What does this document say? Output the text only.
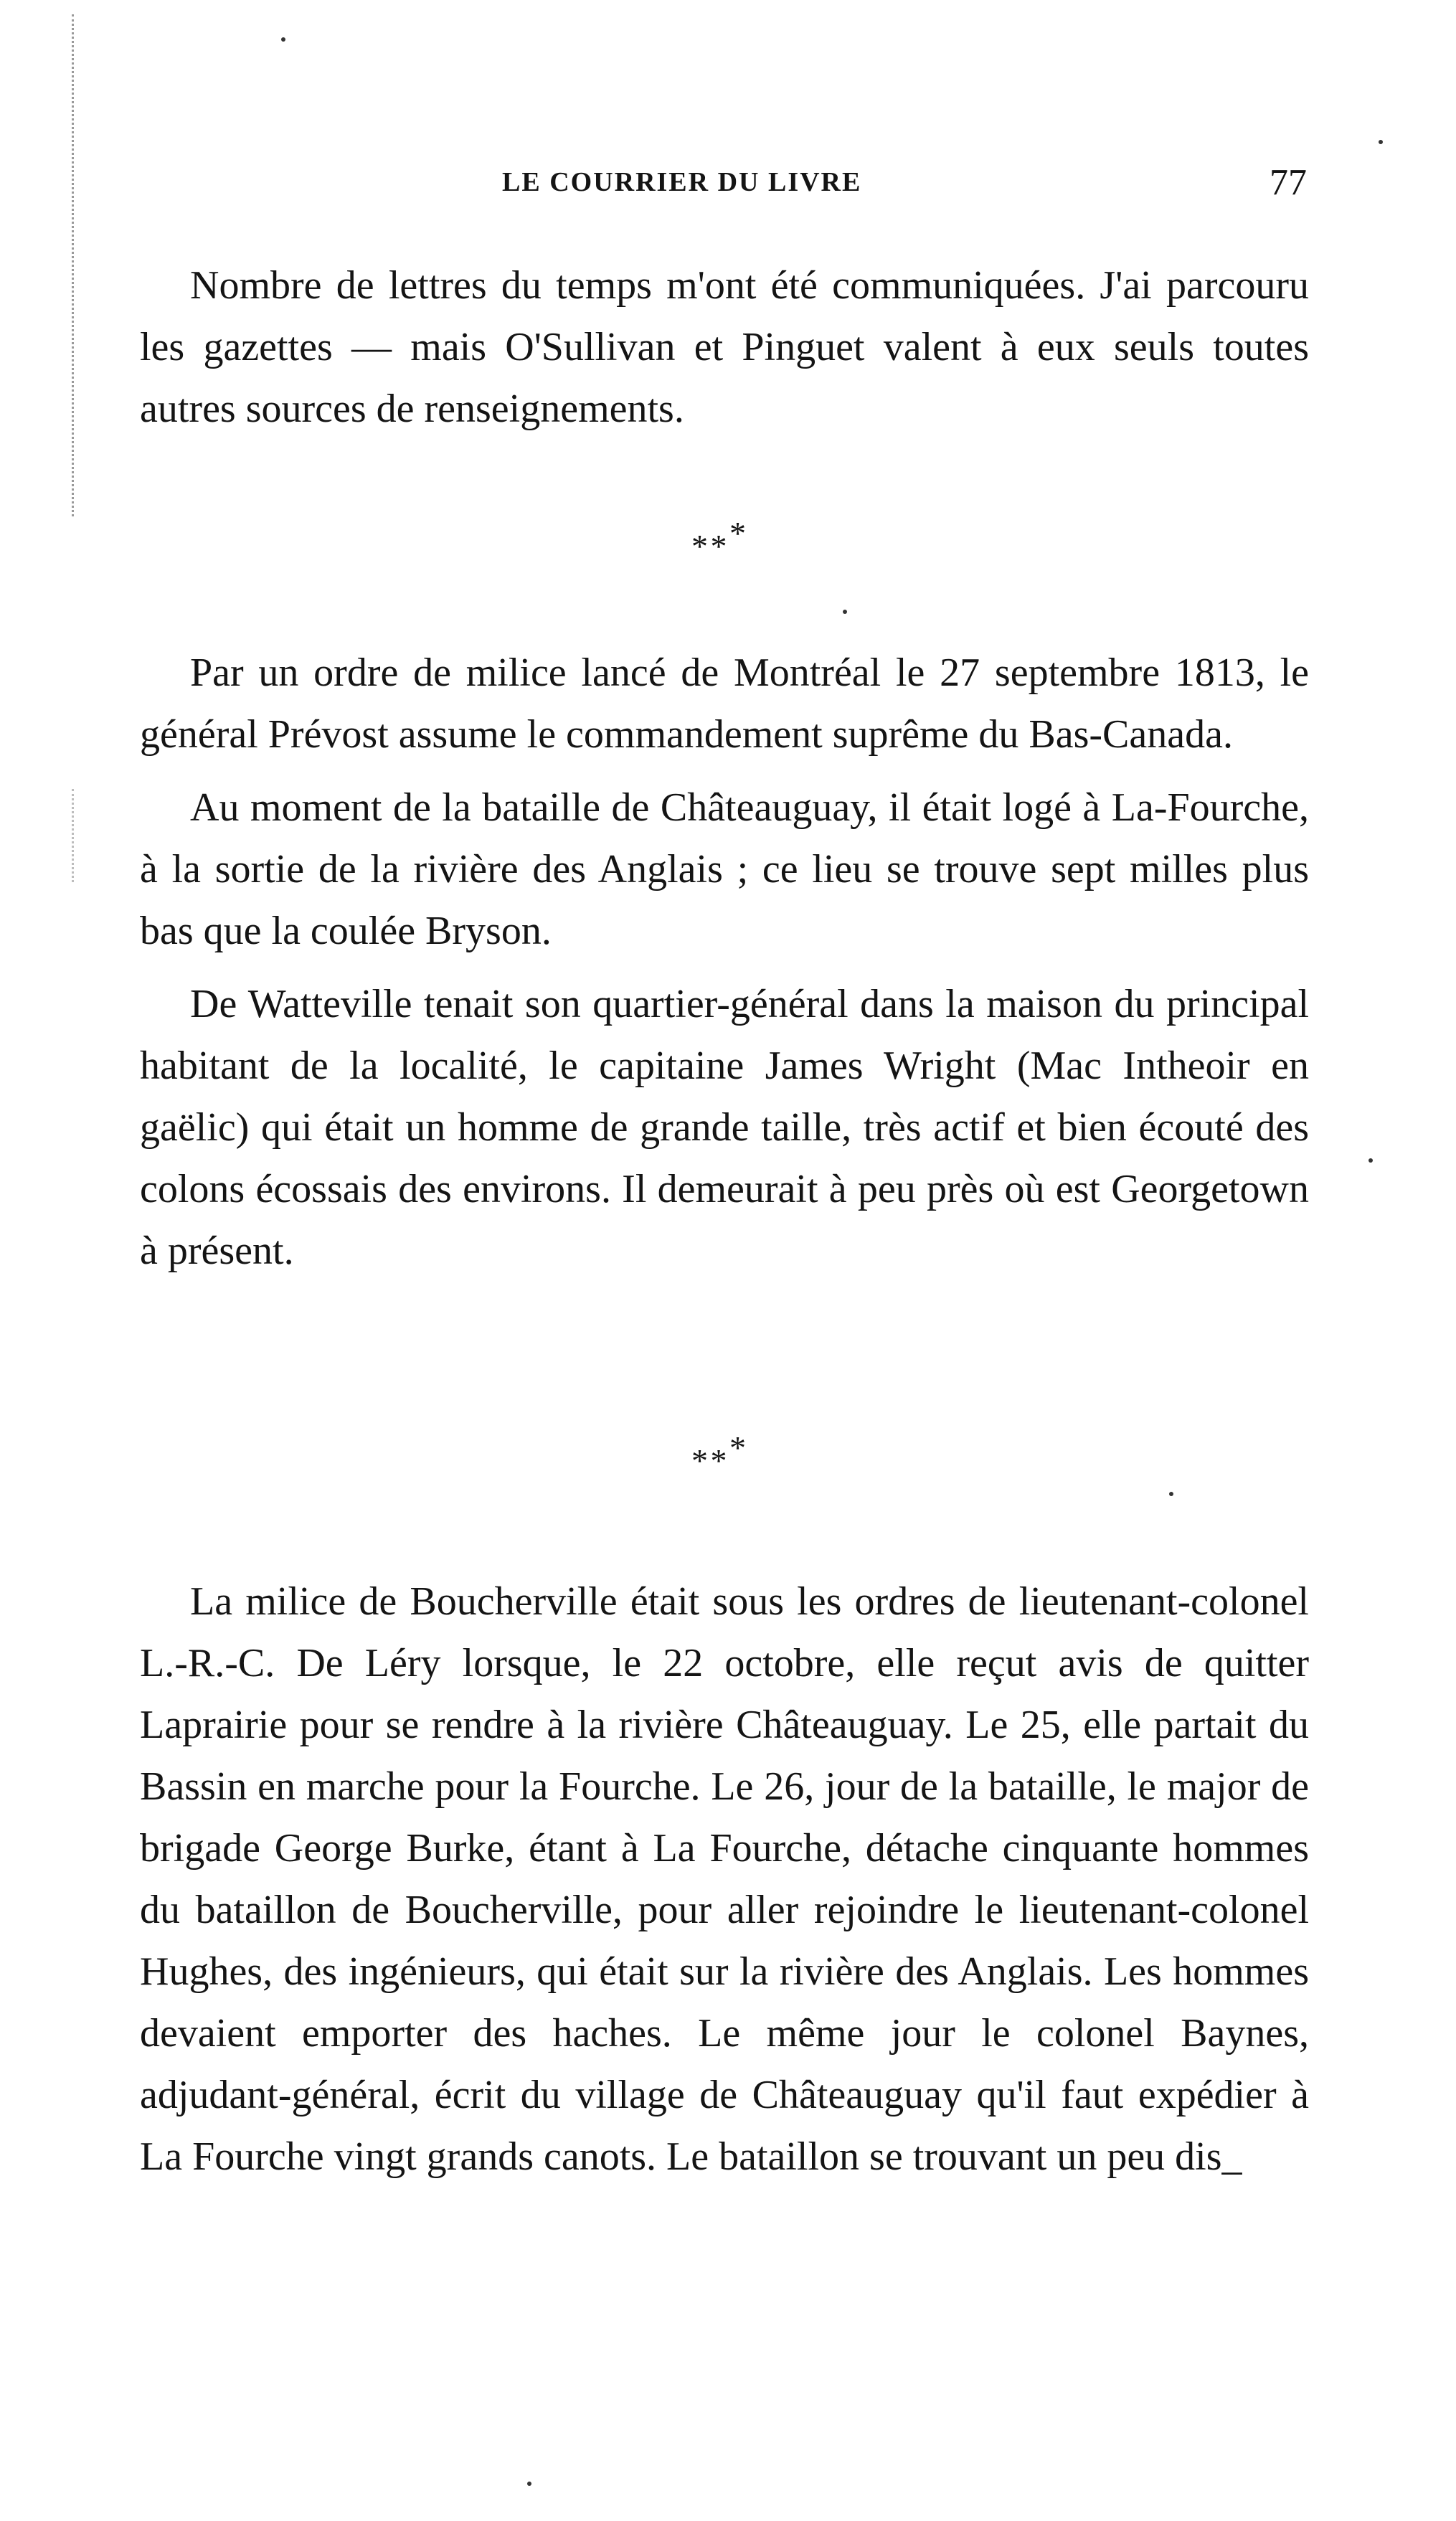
LE COURRIER DU LIVRE	77

Nombre de lettres du temps m'ont été communiquées. J'ai parcouru les gazettes — mais O'Sullivan et Pinguet valent à eux seuls toutes autres sources de renseignements.

* * *

Par un ordre de milice lancé de Montréal le 27 septembre 1813, le général Prévost assume le commandement suprême du Bas-Canada.

Au moment de la bataille de Châteauguay, il était logé à La-Fourche, à la sortie de la rivière des Anglais ; ce lieu se trouve sept milles plus bas que la coulée Bryson.

De Watteville tenait son quartier-général dans la maison du principal habitant de la localité, le capitaine James Wright (Mac Intheoir en gaëlic) qui était un homme de grande taille, très actif et bien écouté des colons écossais des environs. Il demeurait à peu près où est Georgetown à présent.

* * *

La milice de Boucherville était sous les ordres de lieutenant-colonel L.-R.-C. De Léry lorsque, le 22 octobre, elle reçut avis de quitter Laprairie pour se rendre à la rivière Châteauguay. Le 25, elle partait du Bassin en marche pour la Fourche. Le 26, jour de la bataille, le major de brigade George Burke, étant à La Fourche, détache cinquante hommes du bataillon de Boucherville, pour aller rejoindre le lieutenant-colonel Hughes, des ingénieurs, qui était sur la rivière des Anglais. Les hommes devaient emporter des haches. Le même jour le colonel Baynes, adjudant-général, écrit du village de Châteauguay qu'il faut expédier à La Fourche vingt grands canots. Le bataillon se trouvant un peu dis_
